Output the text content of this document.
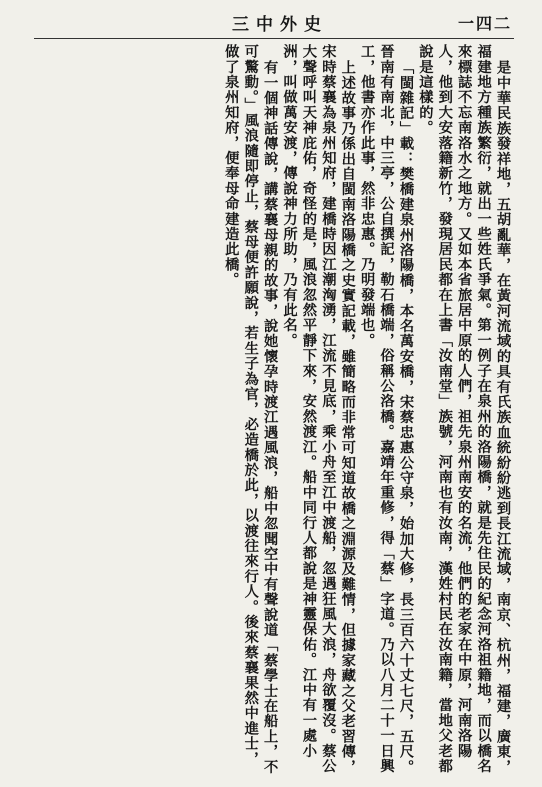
三中外史	一四二

是中華民族發祥地，五胡亂華，在黃河流域的具有氏族血統紛紛逃到長江流域，南京、杭州，福建，廣東，福建地方種族繁衍，就出一些姓氏爭氣。第一例子在泉州的洛陽橋，就是先住民的紀念河洛祖籍地，而以橋名來標誌不忘南洛水之地方。又如本省旅居中原的人們，祖先泉州南安的名流，他們的老家在中原，河南洛陽人，他到大安落籍新竹，發現居民都在上書「汝南堂」族號，河南也有汝南，漢姓村民在汝南籍，當地父老都說是這樣的。

「閩雜記」載：樊橋建泉州洛陽橋，本名萬安橋，宋蔡忠惠公守泉，始加大修，長三百六十丈七尺，五尺。晉南有南北，中三亭，公自撰記，勒石橋端，俗稱公洛橋。嘉靖年重修，得「蔡」字道。乃以八月二十一日興工，他書亦作此事，然非忠惠。乃明發端也。

上述故事乃係出自閩南洛陽橋之史實記載，雖簡略而非常可知道故橋之淵源及難情，但據家藏之父老習傳，宋時蔡襄為泉州知府，建橋時因江潮洶湧，江流不見底，乘小舟至江中渡船，忽遇狂風大浪，舟欲覆沒。蔡公大聲呼叫天神庇佑，奇怪的是，風浪忽然平靜下來，安然渡江。船中同行人都說是神靈保佑。江中有一處小洲，叫做萬安渡，傳說神力所助，乃有此名。

有一個神話傳說，講蔡襄母親的故事，說她懷孕時渡江遇風浪，船中忽聞空中有聲說道「蔡學士在船上，不可驚動。」風浪隨即停止，蔡母便許願說，若生子為官，必造橋於此，以渡往來行人。後來蔡襄果然中進士，做了泉州知府，便奉母命建造此橋。
